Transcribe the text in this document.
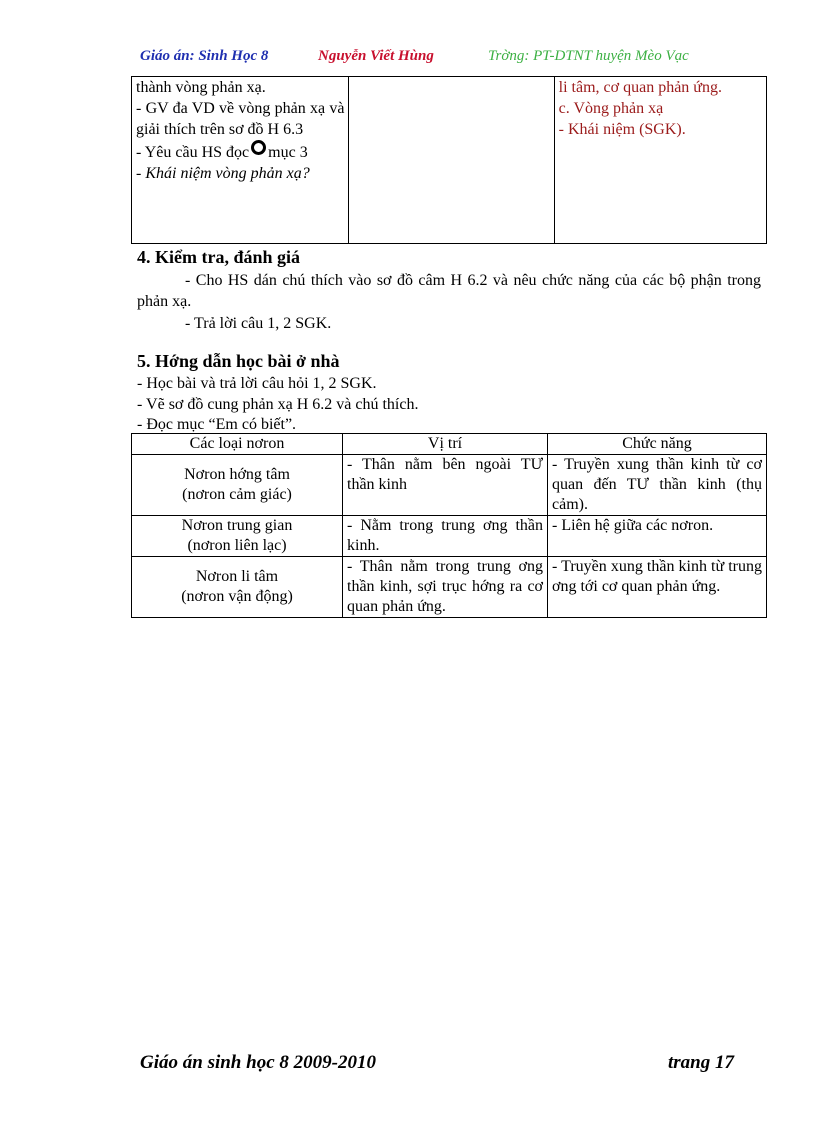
Giáo án: Sinh Học 8	Nguyễn Viết Hùng	Trờng: PT-DTNT huyện Mèo Vạc
thành vòng phản xạ.
- GV đa VD về vòng phản xạ và giải thích trên sơ đồ H 6.3
- Yêu cầu HS đọc mục 3
- Khái niệm vòng phản xạ?

li tâm, cơ quan phản ứng.
c. Vòng phản xạ
- Khái niệm (SGK).
4. Kiểm tra, đánh giá
- Cho HS dán chú thích vào sơ đồ câm H 6.2 và nêu chức năng của các bộ phận trong phản xạ.
- Trả lời câu 1, 2 SGK.
5. Hớng dẫn học bài ở nhà
- Học bài và trả lời câu hỏi 1, 2 SGK.
- Vẽ sơ đồ cung phản xạ H 6.2 và chú thích.
- Đọc mục “Em có biết”.
Các loại nơron	Vị trí	Chức năng

Nơron hớng tâm
(nơron cảm giác)	- Thân nằm bên ngoài TƯ thần kinh	- Truyền xung thần kinh từ cơ quan đến TƯ thần kinh (thụ cảm).

Nơron trung gian
(nơron liên lạc)	- Nằm trong trung ơng thần kinh.	- Liên hệ giữa các nơron.

Nơron li tâm
(nơron vận động)	- Thân nằm trong trung ơng thần kinh, sợi trục hớng ra cơ quan phản ứng.	- Truyền xung thần kinh từ trung ơng tới cơ quan phản ứng.
Giáo án sinh học 8 2009-2010	trang 17
